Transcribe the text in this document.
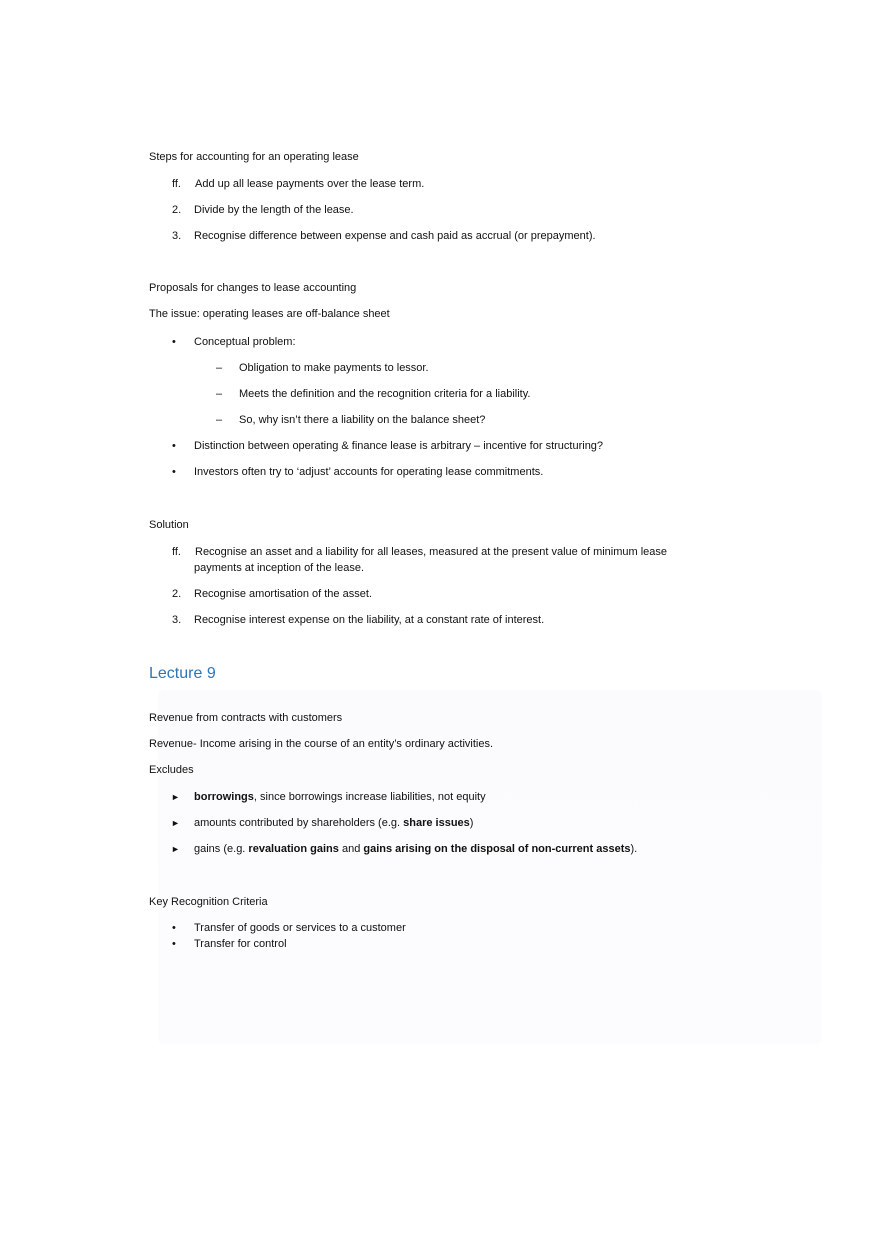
Steps for accounting for an operating lease
ff. Add up all lease payments over the lease term.
2. Divide by the length of the lease.
3. Recognise difference between expense and cash paid as accrual (or prepayment).
Proposals for changes to lease accounting
The issue: operating leases are off-balance sheet
• Conceptual problem:
– Obligation to make payments to lessor.
– Meets the definition and the recognition criteria for a liability.
– So, why isn’t there a liability on the balance sheet?
• Distinction between operating & finance lease is arbitrary – incentive for structuring?
• Investors often try to ‘adjust’ accounts for operating lease commitments.
Solution
ff. Recognise an asset and a liability for all leases, measured at the present value of minimum lease
payments at inception of the lease.
2. Recognise amortisation of the asset.
3. Recognise interest expense on the liability, at a constant rate of interest.
Lecture 9
Revenue from contracts with customers
Revenue- Income arising in the course of an entity’s ordinary activities.
Excludes
► borrowings, since borrowings increase liabilities, not equity
► amounts contributed by shareholders (e.g. share issues)
► gains (e.g. revaluation gains and gains arising on the disposal of non-current assets).
Key Recognition Criteria
• Transfer of goods or services to a customer
• Transfer for control
